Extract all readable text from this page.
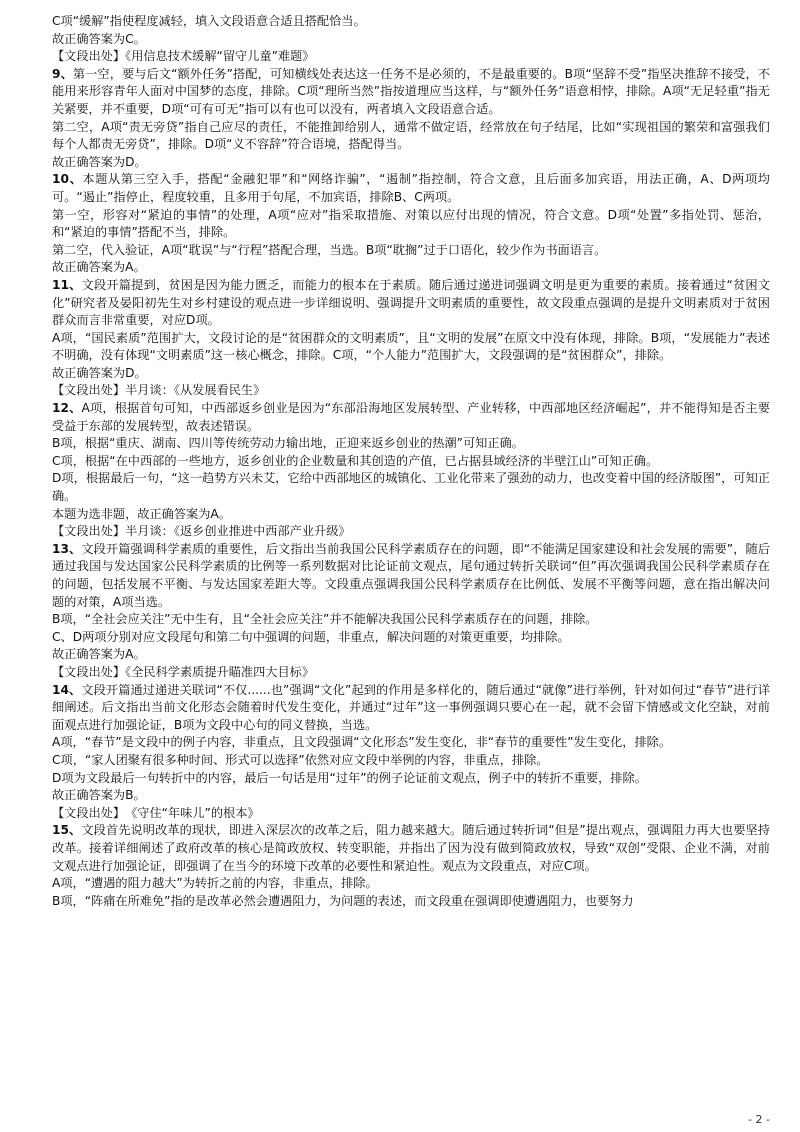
C项“缓解”指使程度减轻，填入文段语意合适且搭配恰当。

故正确答案为C。

【文段出处】《用信息技术缓解“留守儿童”难题》

9、第一空，要与后文“额外任务”搭配，可知横线处表达这一任务不是必须的，不是最重要的。B项“坚辞不受”指坚决推辞不接受，不能用来形容青年人面对中国梦的态度，排除。C项“理所当然”指按道理应当这样，与“额外任务”语意相悖，排除。A项“无足轻重”指无关紧要，并不重要，D项“可有可无”指可以有也可以没有，两者填入文段语意合适。

第二空，A项“责无旁贷”指自己应尽的责任，不能推卸给别人，通常不做定语，经常放在句子结尾，比如“实现祖国的繁荣和富强我们每个人都责无旁贷”，排除。D项“义不容辞”符合语境，搭配得当。

故正确答案为D。

10、本题从第三空入手，搭配“金融犯罪”和“网络诈骗”，“遏制”指控制，符合文意，且后面多加宾语，用法正确，A、D两项均可。“遏止”指停止，程度较重，且多用于句尾，不加宾语，排除B、C两项。

第一空，形容对“紧迫的事情”的处理，A项“应对”指采取措施、对策以应付出现的情况，符合文意。D项“处置”多指处罚、惩治，和“紧迫的事情”搭配不当，排除。

第二空，代入验证，A项“耽误”与“行程”搭配合理，当选。B项“耽搁”过于口语化，较少作为书面语言。

故正确答案为A。

11、文段开篇提到，贫困是因为能力匮乏，而能力的根本在于素质。随后通过递进词强调文明是更为重要的素质。接着通过“贫困文化”研究者及晏阳初先生对乡村建设的观点进一步详细说明、强调提升文明素质的重要性，故文段重点强调的是提升文明素质对于贫困群众而言非常重要，对应D项。

A项，“国民素质”范围扩大，文段讨论的是“贫困群众的文明素质”，且“文明的发展”在原文中没有体现，排除。B项，“发展能力”表述不明确，没有体现“文明素质”这一核心概念，排除。C项，“个人能力”范围扩大，文段强调的是“贫困群众”，排除。

故正确答案为D。

【文段出处】半月谈：《从发展看民生》

12、A项，根据首句可知，中西部返乡创业是因为“东部沿海地区发展转型、产业转移，中西部地区经济崛起”，并不能得知是否主要受益于东部的发展转型，故表述错误。

B项，根据“重庆、湖南、四川等传统劳动力输出地，正迎来返乡创业的热潮”可知正确。

C项，根据“在中西部的一些地方，返乡创业的企业数量和其创造的产值，已占据县域经济的半壁江山”可知正确。

D项，根据最后一句，“这一趋势方兴未艾，它给中西部地区的城镇化、工业化带来了强劲的动力，也改变着中国的经济版图”，可知正确。

本题为选非题，故正确答案为A。

【文段出处】半月谈：《返乡创业推进中西部产业升级》

13、文段开篇强调科学素质的重要性，后文指出当前我国公民科学素质存在的问题，即“不能满足国家建设和社会发展的需要”，随后通过我国与发达国家公民科学素质的比例等一系列数据对比论证前文观点，尾句通过转折关联词“但”再次强调我国公民科学素质存在的问题，包括发展不平衡、与发达国家差距大等。文段重点强调我国公民科学素质存在比例低、发展不平衡等问题，意在指出解决问题的对策，A项当选。

B项，“全社会应关注”无中生有，且“全社会应关注”并不能解决我国公民科学素质存在的问题，排除。

C、D两项分别对应文段尾句和第二句中强调的问题，非重点，解决问题的对策更重要，均排除。

故正确答案为A。

【文段出处】《全民科学素质提升瞄准四大目标》

14、文段开篇通过递进关联词“不仅......也”强调“文化”起到的作用是多样化的，随后通过“就像”进行举例，针对如何过“春节”进行详细阐述。后文指出当前文化形态会随着时代发生变化，并通过“过年”这一事例强调只要心在一起，就不会留下情感或文化空缺，对前面观点进行加强论证，B项为文段中心句的同义替换，当选。

A项，“春节”是文段中的例子内容，非重点，且文段强调“文化形态”发生变化，非“春节的重要性”发生变化，排除。

C项，“家人团聚有很多种时间、形式可以选择”依然对应文段中举例的内容，非重点，排除。

D项为文段最后一句转折中的内容，最后一句话是用“过年”的例子论证前文观点，例子中的转折不重要，排除。

故正确答案为B。

【文段出处】　《守住“年味儿”的根本》

15、文段首先说明改革的现状，即进入深层次的改革之后，阻力越来越大。随后通过转折词“但是”提出观点，强调阻力再大也要坚持改革。接着详细阐述了政府改革的核心是简政放权、转变职能，并指出了因为没有做到简政放权，导致“双创”受限、企业不满，对前文观点进行加强论证，即强调了在当今的环境下改革的必要性和紧迫性。观点为文段重点，对应C项。

A项，“遭遇的阻力越大”为转折之前的内容，非重点，排除。

B项，“阵痛在所难免”指的是改革必然会遭遇阻力，为问题的表述，而文段重在强调即使遭遇阻力，也要努力

- 2 -
